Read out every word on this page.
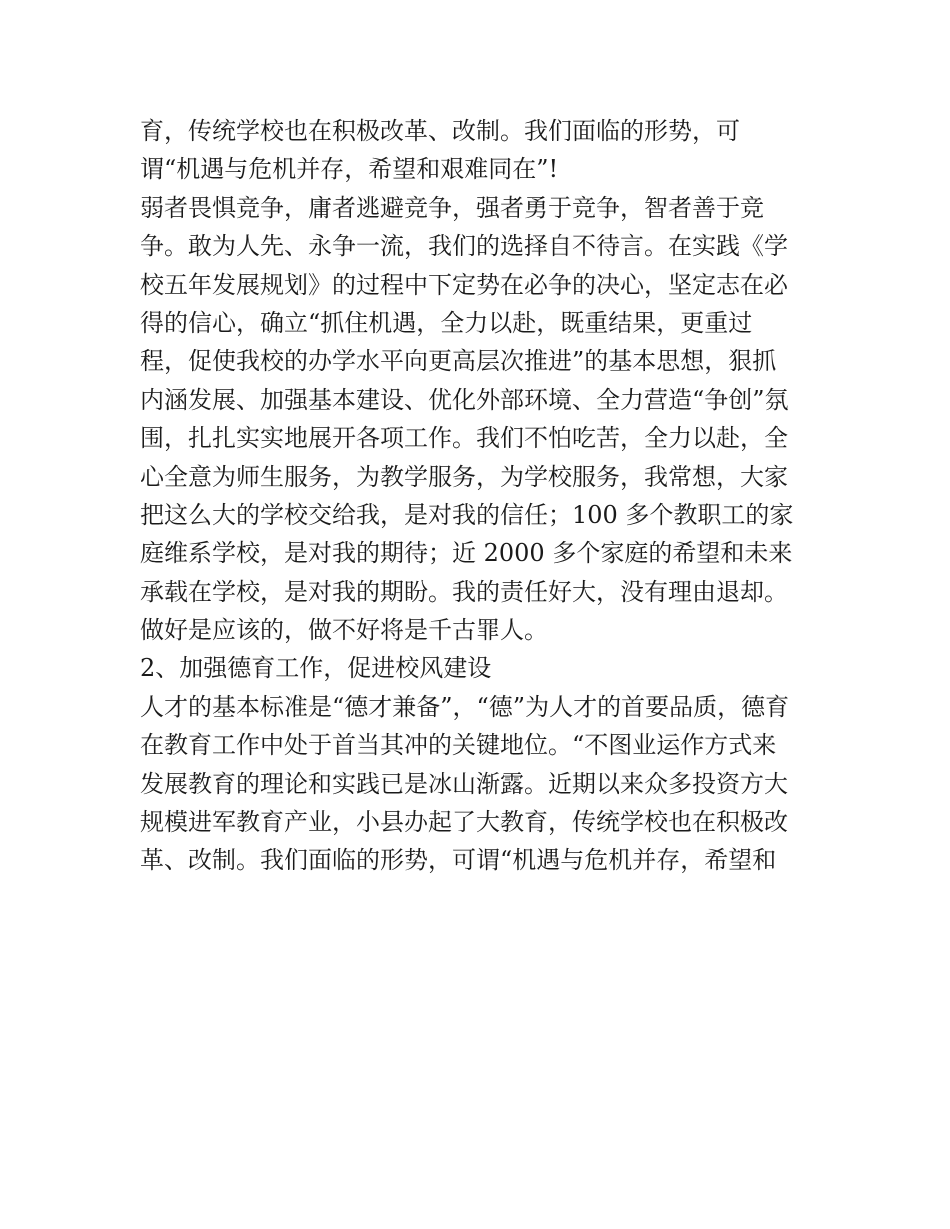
育，传统学校也在积极改革、改制。我们面临的形势，可
谓“机遇与危机并存，希望和艰难同在”!
弱者畏惧竞争，庸者逃避竞争，强者勇于竞争，智者善于竞
争。敢为人先、永争一流，我们的选择自不待言。在实践《学
校五年发展规划》的过程中下定势在必争的决心，坚定志在必
得的信心，确立“抓住机遇，全力以赴，既重结果，更重过
程，促使我校的办学水平向更高层次推进”的基本思想，狠抓
内涵发展、加强基本建设、优化外部环境、全力营造“争创”氛
围，扎扎实实地展开各项工作。我们不怕吃苦，全力以赴，全
心全意为师生服务，为教学服务，为学校服务，我常想，大家
把这么大的学校交给我，是对我的信任；100 多个教职工的家
庭维系学校，是对我的期待；近 2000 多个家庭的希望和未来
承载在学校，是对我的期盼。我的责任好大，没有理由退却。
做好是应该的，做不好将是千古罪人。
2、加强德育工作，促进校风建设
人才的基本标准是“德才兼备”，“德”为人才的首要品质，德育
在教育工作中处于首当其冲的关键地位。“不图业运作方式来
发展教育的理论和实践已是冰山渐露。近期以来众多投资方大
规模进军教育产业，小县办起了大教育，传统学校也在积极改
革、改制。我们面临的形势，可谓“机遇与危机并存，希望和
